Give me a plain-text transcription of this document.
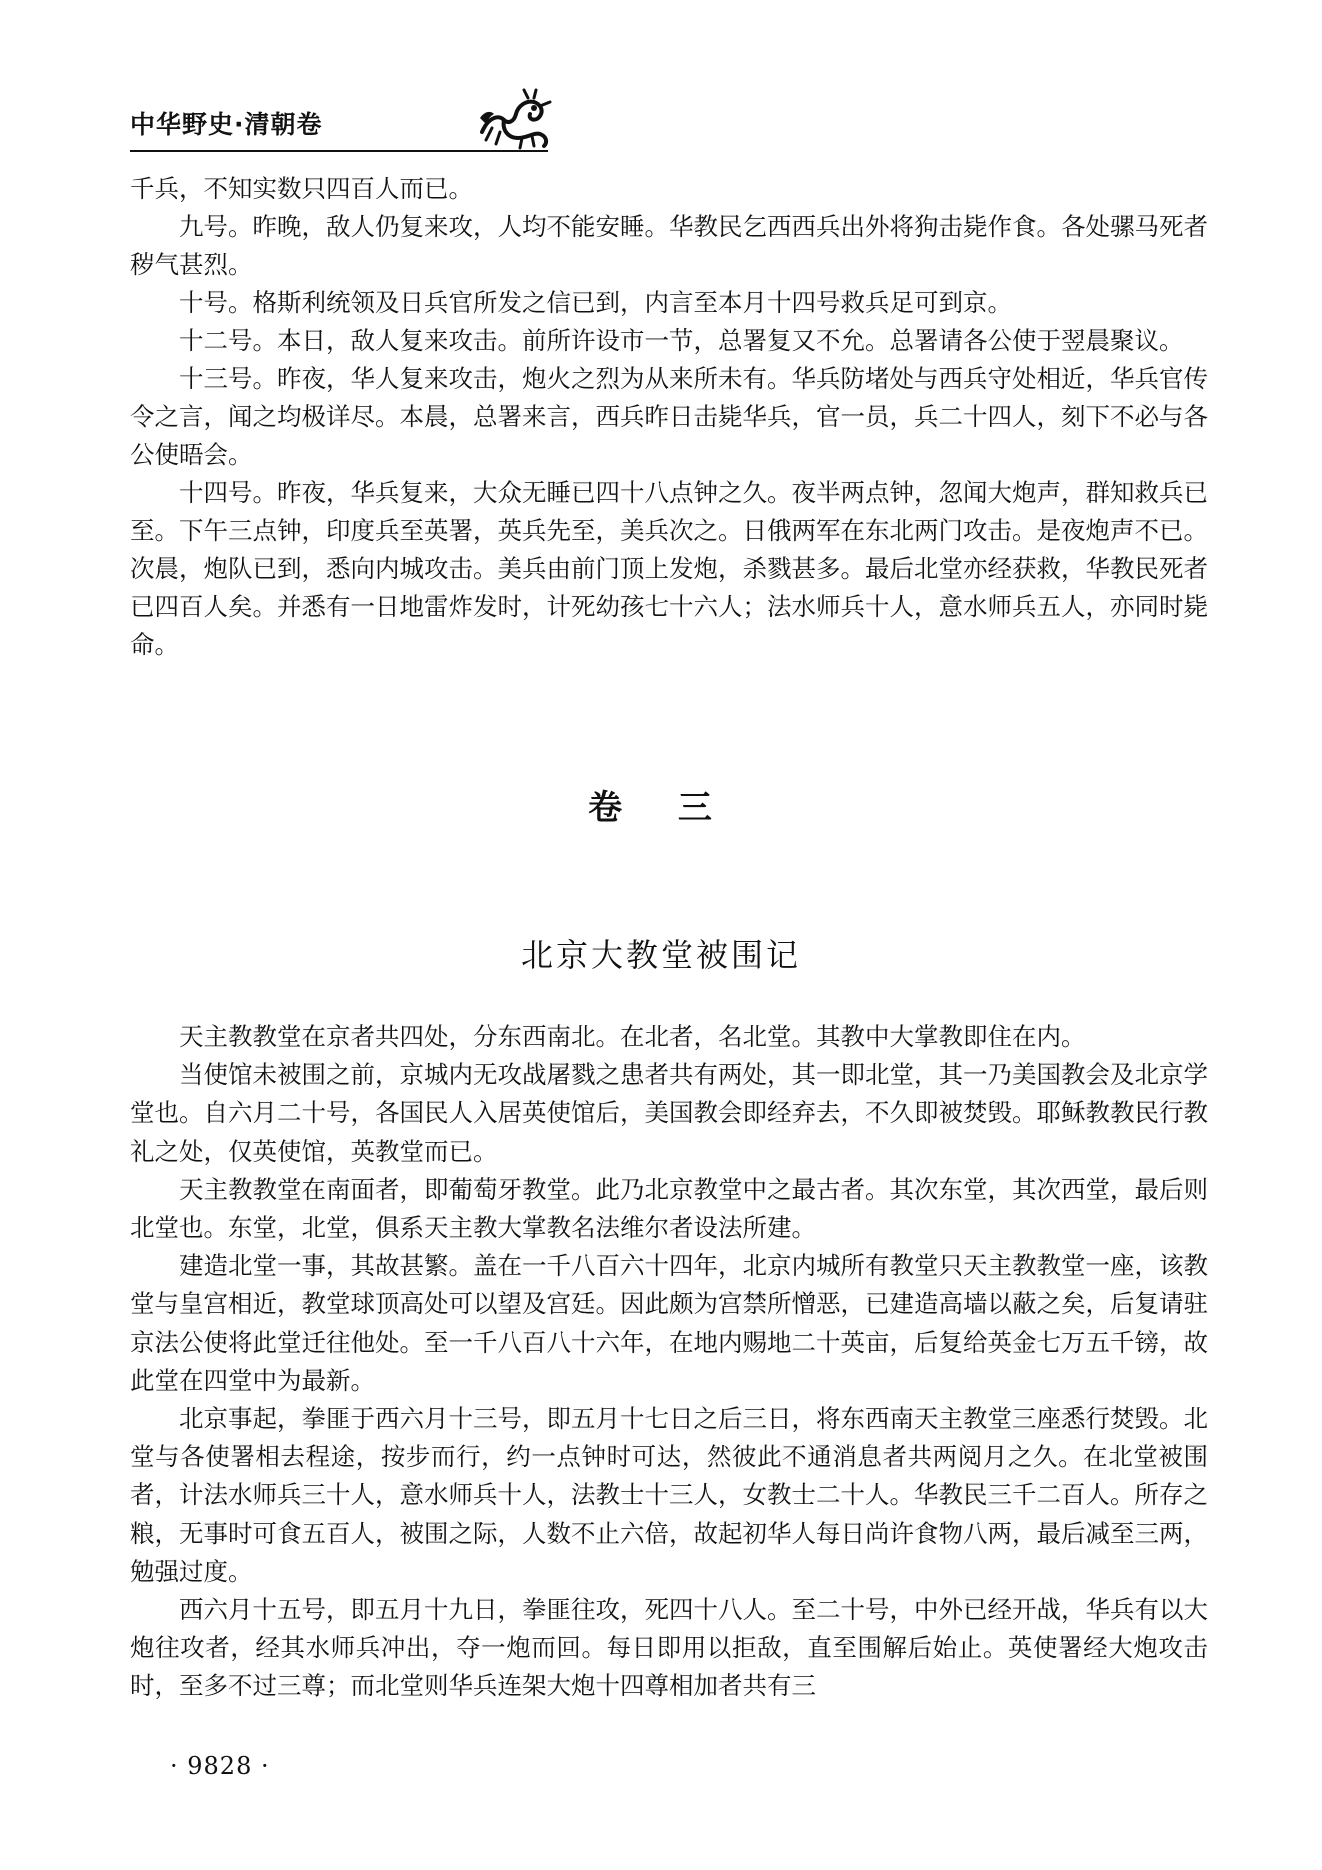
中华野史·清朝卷

千兵，不知实数只四百人而已。

九号。昨晚，敌人仍复来攻，人均不能安睡。华教民乞西西兵出外将狗击毙作食。各处骡马死者秽气甚烈。

十号。格斯利统领及日兵官所发之信已到，内言至本月十四号救兵足可到京。

十二号。本日，敌人复来攻击。前所许设市一节，总署复又不允。总署请各公使于翌晨聚议。

十三号。昨夜，华人复来攻击，炮火之烈为从来所未有。华兵防堵处与西兵守处相近，华兵官传令之言，闻之均极详尽。本晨，总署来言，西兵昨日击毙华兵，官一员，兵二十四人，刻下不必与各公使晤会。

十四号。昨夜，华兵复来，大众无睡已四十八点钟之久。夜半两点钟，忽闻大炮声，群知救兵已至。下午三点钟，印度兵至英署，英兵先至，美兵次之。日俄两军在东北两门攻击。是夜炮声不已。次晨，炮队已到，悉向内城攻击。美兵由前门顶上发炮，杀戮甚多。最后北堂亦经获救，华教民死者已四百人矣。并悉有一日地雷炸发时，计死幼孩七十六人；法水师兵十人，意水师兵五人，亦同时毙命。

卷 三
北京大教堂被围记

天主教教堂在京者共四处，分东西南北。在北者，名北堂。其教中大掌教即住在内。

当使馆未被围之前，京城内无攻战屠戮之患者共有两处，其一即北堂，其一乃美国教会及北京学堂也。自六月二十号，各国民人入居英使馆后，美国教会即经弃去，不久即被焚毁。耶稣教教民行教礼之处，仅英使馆，英教堂而已。

天主教教堂在南面者，即葡萄牙教堂。此乃北京教堂中之最古者。其次东堂，其次西堂，最后则北堂也。东堂，北堂，俱系天主教大掌教名法维尔者设法所建。

建造北堂一事，其故甚繁。盖在一千八百六十四年，北京内城所有教堂只天主教教堂一座，该教堂与皇宫相近，教堂球顶高处可以望及宫廷。因此颇为宫禁所憎恶，已建造高墙以蔽之矣，后复请驻京法公使将此堂迁往他处。至一千八百八十六年，在地内赐地二十英亩，后复给英金七万五千镑，故此堂在四堂中为最新。

北京事起，拳匪于西六月十三号，即五月十七日之后三日，将东西南天主教堂三座悉行焚毁。北堂与各使署相去程途，按步而行，约一点钟时可达，然彼此不通消息者共两阅月之久。在北堂被围者，计法水师兵三十人，意水师兵十人，法教士十三人，女教士二十人。华教民三千二百人。所存之粮，无事时可食五百人，被围之际，人数不止六倍，故起初华人每日尚许食物八两，最后减至三两，勉强过度。

西六月十五号，即五月十九日，拳匪往攻，死四十八人。至二十号，中外已经开战，华兵有以大炮往攻者，经其水师兵冲出，夺一炮而回。每日即用以拒敌，直至围解后始止。英使署经大炮攻击时，至多不过三尊；而北堂则华兵连架大炮十四尊相加者共有三

· 9828 ·
